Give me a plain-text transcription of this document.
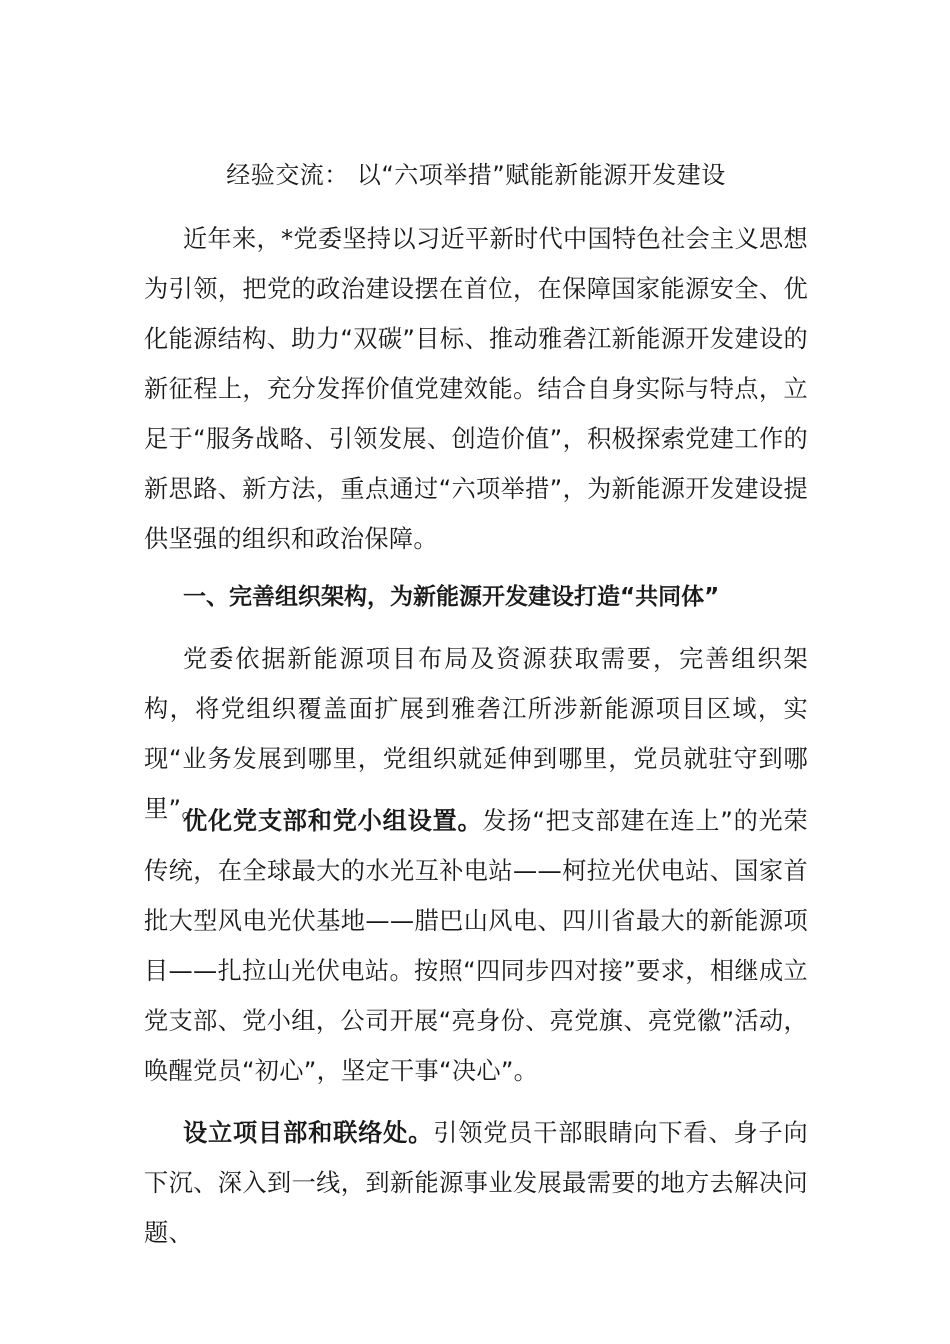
经验交流： 以“六项举措”赋能新能源开发建设

近年来，*党委坚持以习近平新时代中国特色社会主义思想为引领，把党的政治建设摆在首位，在保障国家能源安全、优化能源结构、助力“双碳”目标、推动雅砻江新能源开发建设的新征程上，充分发挥价值党建效能。结合自身实际与特点，立足于“服务战略、引领发展、创造价值”，积极探索党建工作的新思路、新方法，重点通过“六项举措”，为新能源开发建设提供坚强的组织和政治保障。

一、完善组织架构，为新能源开发建设打造“共同体”

党委依据新能源项目布局及资源获取需要，完善组织架构，将党组织覆盖面扩展到雅砻江所涉新能源项目区域，实现“业务发展到哪里，党组织就延伸到哪里，党员就驻守到哪里”。

优化党支部和党小组设置。发扬“把支部建在连上”的光荣传统，在全球最大的水光互补电站——柯拉光伏电站、国家首批大型风电光伏基地——腊巴山风电、四川省最大的新能源项目——扎拉山光伏电站。按照“四同步四对接”要求，相继成立党支部、党小组，公司开展“亮身份、亮党旗、亮党徽”活动，唤醒党员“初心”，坚定干事“决心”。

设立项目部和联络处。引领党员干部眼睛向下看、身子向下沉、深入到一线，到新能源事业发展最需要的地方去解决问题、
